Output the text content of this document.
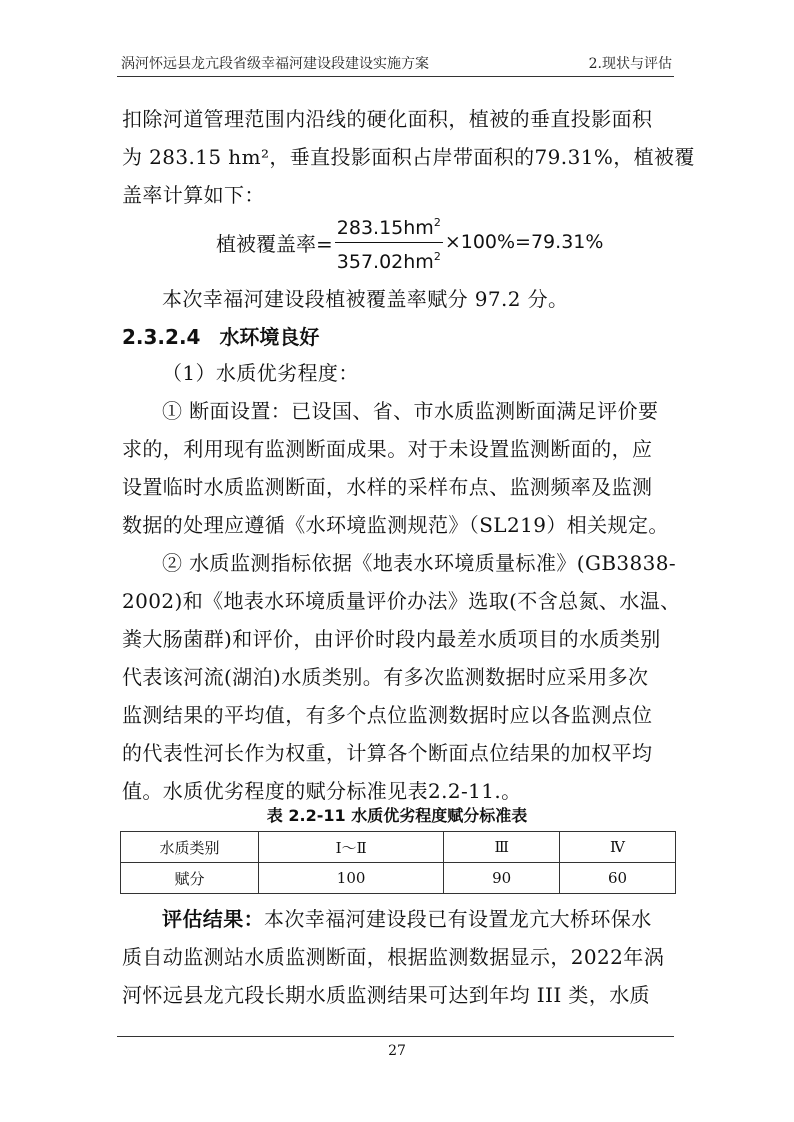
涡河怀远县龙亢段省级幸福河建设段建设实施方案	2.现状与评估
扣除河道管理范围内沿线的硬化面积，植被的垂直投影面积
为 283.15 hm²，垂直投影面积占岸带面积的79.31%，植被覆
盖率计算如下：
植被覆盖率= $\frac{283.15hm^2}{357.02hm^2} \times 100\%=79.31\%$
本次幸福河建设段植被覆盖率赋分 97.2 分。
2.3.2.4 水环境良好
（1）水质优劣程度：
① 断面设置：已设国、省、市水质监测断面满足评价要
求的，利用现有监测断面成果。对于未设置监测断面的，应
设置临时水质监测断面，水样的采样布点、监测频率及监测
数据的处理应遵循《水环境监测规范》（SL219）相关规定。
② 水质监测指标依据《地表水环境质量标准》(GB3838-
2002)和《地表水环境质量评价办法》选取(不含总氮、水温、
粪大肠菌群)和评价，由评价时段内最差水质项目的水质类别
代表该河流(湖泊)水质类别。有多次监测数据时应采用多次
监测结果的平均值，有多个点位监测数据时应以各监测点位
的代表性河长作为权重，计算各个断面点位结果的加权平均
值。水质优劣程度的赋分标准见表2.2-11.。
表 2.2-11 水质优劣程度赋分标准表
水质类别	Ⅰ～Ⅱ	Ⅲ	Ⅳ
赋分	100	90	60
评估结果：本次幸福河建设段已有设置龙亢大桥环保水
质自动监测站水质监测断面，根据监测数据显示，2022年涡
河怀远县龙亢段长期水质监测结果可达到年均 III 类，水质
27
